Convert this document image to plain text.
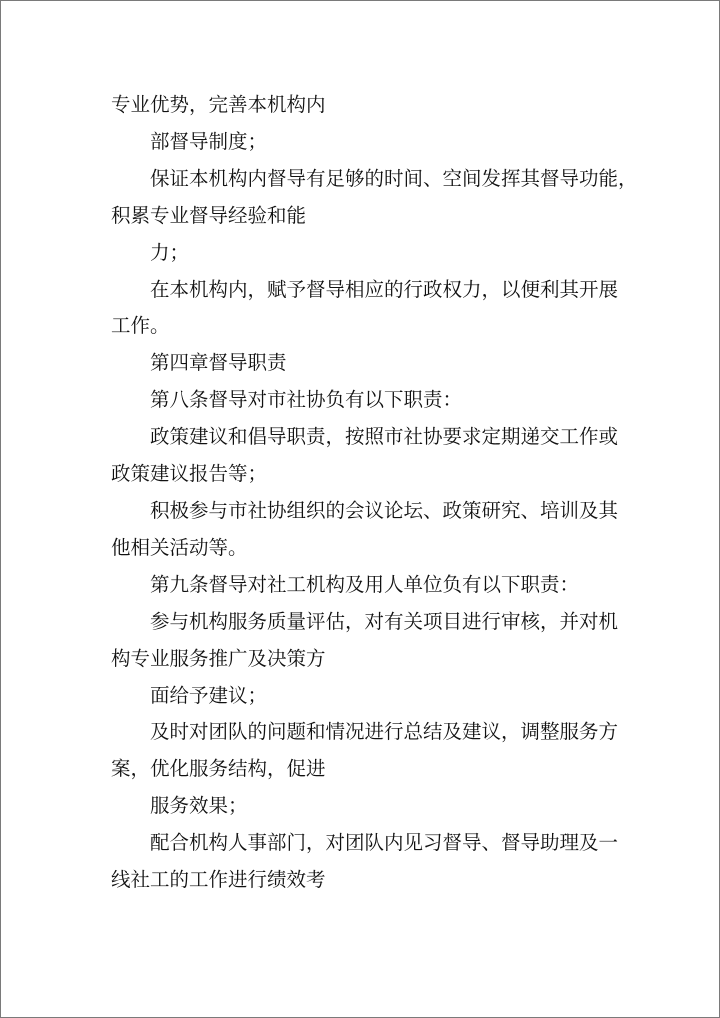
专业优势，完善本机构内

部督导制度；

保证本机构内督导有足够的时间、空间发挥其督导功能，
积累专业督导经验和能

力；

在本机构内，赋予督导相应的行政权力，以便利其开展
工作。

第四章督导职责

第八条督导对市社协负有以下职责：

政策建议和倡导职责，按照市社协要求定期递交工作或
政策建议报告等；

积极参与市社协组织的会议论坛、政策研究、培训及其
他相关活动等。

第九条督导对社工机构及用人单位负有以下职责：

参与机构服务质量评估，对有关项目进行审核，并对机
构专业服务推广及决策方

面给予建议；

及时对团队的问题和情况进行总结及建议，调整服务方
案，优化服务结构，促进

服务效果；

配合机构人事部门，对团队内见习督导、督导助理及一
线社工的工作进行绩效考
